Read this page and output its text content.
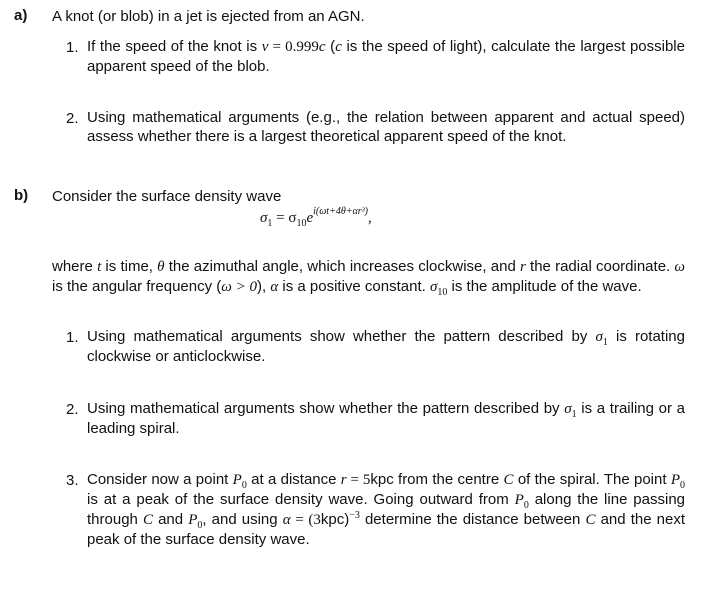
a) A knot (or blob) in a jet is ejected from an AGN.
1. If the speed of the knot is v = 0.999c (c is the speed of light), calculate the largest possible apparent speed of the blob.
2. Using mathematical arguments (e.g., the relation between apparent and actual speed) assess whether there is a largest theoretical apparent speed of the knot.
b) Consider the surface density wave
$\sigma_1 = \sigma_{10}e^{i(\omega t+4\theta+\alpha r^3)}$,
where t is time, θ the azimuthal angle, which increases clockwise, and r the radial coordinate. ω is the angular frequency (ω > 0), α is a positive constant. $\sigma_{10}$ is the amplitude of the wave.
1. Using mathematical arguments show whether the pattern described by $\sigma_1$ is rotating clockwise or anticlockwise.
2. Using mathematical arguments show whether the pattern described by $\sigma_1$ is a trailing or a leading spiral.
3. Consider now a point $P_0$ at a distance r = 5kpc from the centre C of the spiral. The point $P_0$ is at a peak of the surface density wave. Going outward from $P_0$ along the line passing through C and $P_0$, and using $\alpha = (3kpc)^{-3}$ determine the distance between C and the next peak of the surface density wave.
